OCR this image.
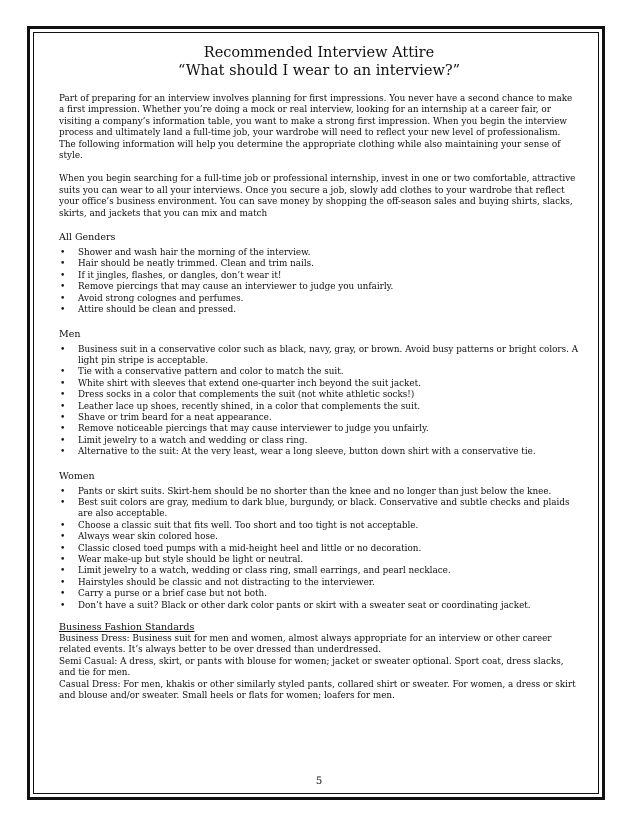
Recommended Interview Attire
“What should I wear to an interview?”

Part of preparing for an interview involves planning for first impressions. You never have a second chance to make a first impression. Whether you’re doing a mock or real interview, looking for an internship at a career fair, or visiting a company’s information table, you want to make a strong first impression. When you begin the interview process and ultimately land a full-time job, your wardrobe will need to reflect your new level of professionalism. The following information will help you determine the appropriate clothing while also maintaining your sense of style.

When you begin searching for a full-time job or professional internship, invest in one or two comfortable, attractive suits you can wear to all your interviews. Once you secure a job, slowly add clothes to your wardrobe that reflect your office’s business environment. You can save money by shopping the off-season sales and buying shirts, slacks, skirts, and jackets that you can mix and match

All Genders
• Shower and wash hair the morning of the interview.
• Hair should be neatly trimmed. Clean and trim nails.
• If it jingles, flashes, or dangles, don’t wear it!
• Remove piercings that may cause an interviewer to judge you unfairly.
• Avoid strong colognes and perfumes.
• Attire should be clean and pressed.
Men
• Business suit in a conservative color such as black, navy, gray, or brown. Avoid busy patterns or bright colors. A light pin stripe is acceptable.
• Tie with a conservative pattern and color to match the suit.
• White shirt with sleeves that extend one-quarter inch beyond the suit jacket.
• Dress socks in a color that complements the suit (not white athletic socks!)
• Leather lace up shoes, recently shined, in a color that complements the suit.
• Shave or trim beard for a neat appearance.
• Remove noticeable piercings that may cause interviewer to judge you unfairly.
• Limit jewelry to a watch and wedding or class ring.
• Alternative to the suit: At the very least, wear a long sleeve, button down shirt with a conservative tie.
Women
• Pants or skirt suits. Skirt-hem should be no shorter than the knee and no longer than just below the knee.
• Best suit colors are gray, medium to dark blue, burgundy, or black. Conservative and subtle checks and plaids are also acceptable.
• Choose a classic suit that fits well. Too short and too tight is not acceptable.
• Always wear skin colored hose.
• Classic closed toed pumps with a mid-height heel and little or no decoration.
• Wear make-up but style should be light or neutral.
• Limit jewelry to a watch, wedding or class ring, small earrings, and pearl necklace.
• Hairstyles should be classic and not distracting to the interviewer.
• Carry a purse or a brief case but not both.
• Don’t have a suit? Black or other dark color pants or skirt with a sweater seat or coordinating jacket.
Business Fashion Standards

Business Dress: Business suit for men and women, almost always appropriate for an interview or other career related events. It’s always better to be over dressed than underdressed.

Semi Casual: A dress, skirt, or pants with blouse for women; jacket or sweater optional. Sport coat, dress slacks, and tie for men.

Casual Dress: For men, khakis or other similarly styled pants, collared shirt or sweater. For women, a dress or skirt and blouse and/or sweater. Small heels or flats for women; loafers for men.

5
